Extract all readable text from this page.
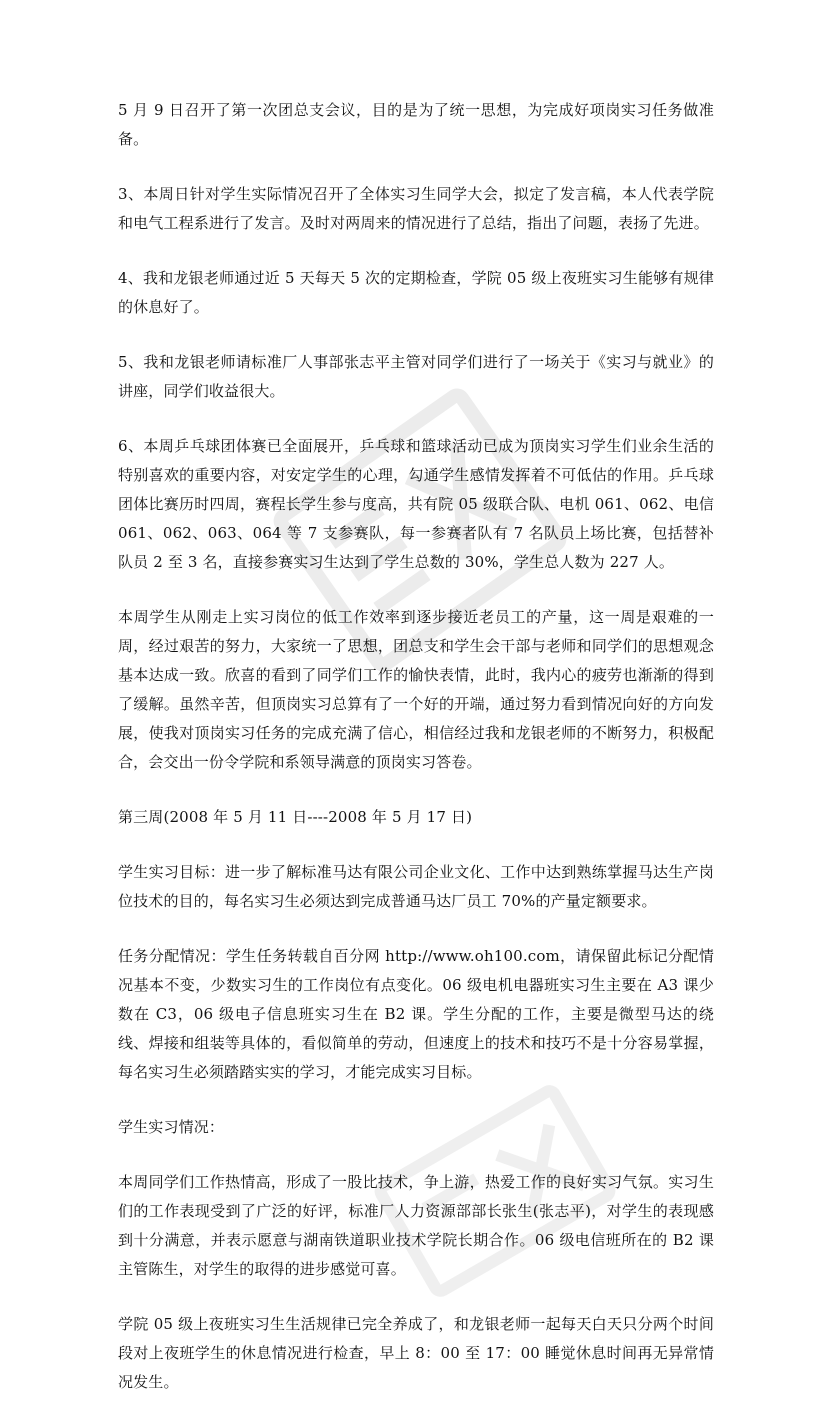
5 月 9 日召开了第一次团总支会议，目的是为了统一思想，为完成好项岗实习任务做准备。

3、本周日针对学生实际情况召开了全体实习生同学大会，拟定了发言稿，本人代表学院和电气工程系进行了发言。及时对两周来的情况进行了总结，指出了问题，表扬了先进。

4、我和龙银老师通过近 5 天每天 5 次的定期检查，学院 05 级上夜班实习生能够有规律的休息好了。

5、我和龙银老师请标准厂人事部张志平主管对同学们进行了一场关于《实习与就业》的讲座，同学们收益很大。

6、本周乒乓球团体赛已全面展开，乒乓球和篮球活动已成为顶岗实习学生们业余生活的特别喜欢的重要内容，对安定学生的心理，勾通学生感情发挥着不可低估的作用。乒乓球团体比赛历时四周，赛程长学生参与度高，共有院 05 级联合队、电机 061、062、电信 061、062、063、064 等 7 支参赛队，每一参赛者队有 7 名队员上场比赛，包括替补队员 2 至 3 名，直接参赛实习生达到了学生总数的 30%，学生总人数为 227 人。

本周学生从刚走上实习岗位的低工作效率到逐步接近老员工的产量，这一周是艰难的一周，经过艰苦的努力，大家统一了思想，团总支和学生会干部与老师和同学们的思想观念基本达成一致。欣喜的看到了同学们工作的愉快表情，此时，我内心的疲劳也渐渐的得到了缓解。虽然辛苦，但顶岗实习总算有了一个好的开端，通过努力看到情况向好的方向发展，使我对顶岗实习任务的完成充满了信心，相信经过我和龙银老师的不断努力，积极配合，会交出一份令学院和系领导满意的顶岗实习答卷。

第三周(2008 年 5 月 11 日----2008 年 5 月 17 日)

学生实习目标：进一步了解标准马达有限公司企业文化、工作中达到熟练掌握马达生产岗位技术的目的，每名实习生必须达到完成普通马达厂员工 70%的产量定额要求。

任务分配情况：学生任务转载自百分网 http://www.oh100.com，请保留此标记分配情况基本不变，少数实习生的工作岗位有点变化。06 级电机电器班实习生主要在 A3 课少数在 C3，06 级电子信息班实习生在 B2 课。学生分配的工作，主要是微型马达的绕线、焊接和组装等具体的，看似简单的劳动，但速度上的技术和技巧不是十分容易掌握，每名实习生必须踏踏实实的学习，才能完成实习目标。

学生实习情况：

本周同学们工作热情高，形成了一股比技术，争上游，热爱工作的良好实习气氛。实习生们的工作表现受到了广泛的好评，标准厂人力资源部部长张生(张志平)，对学生的表现感到十分满意，并表示愿意与湖南铁道职业技术学院长期合作。06 级电信班所在的 B2 课主管陈生，对学生的取得的进步感觉可喜。

学院 05 级上夜班实习生生活规律已完全养成了，和龙银老师一起每天白天只分两个时间段对上夜班学生的休息情况进行检查，早上 8：00 至 17：00 睡觉休息时间再无异常情况发生。
